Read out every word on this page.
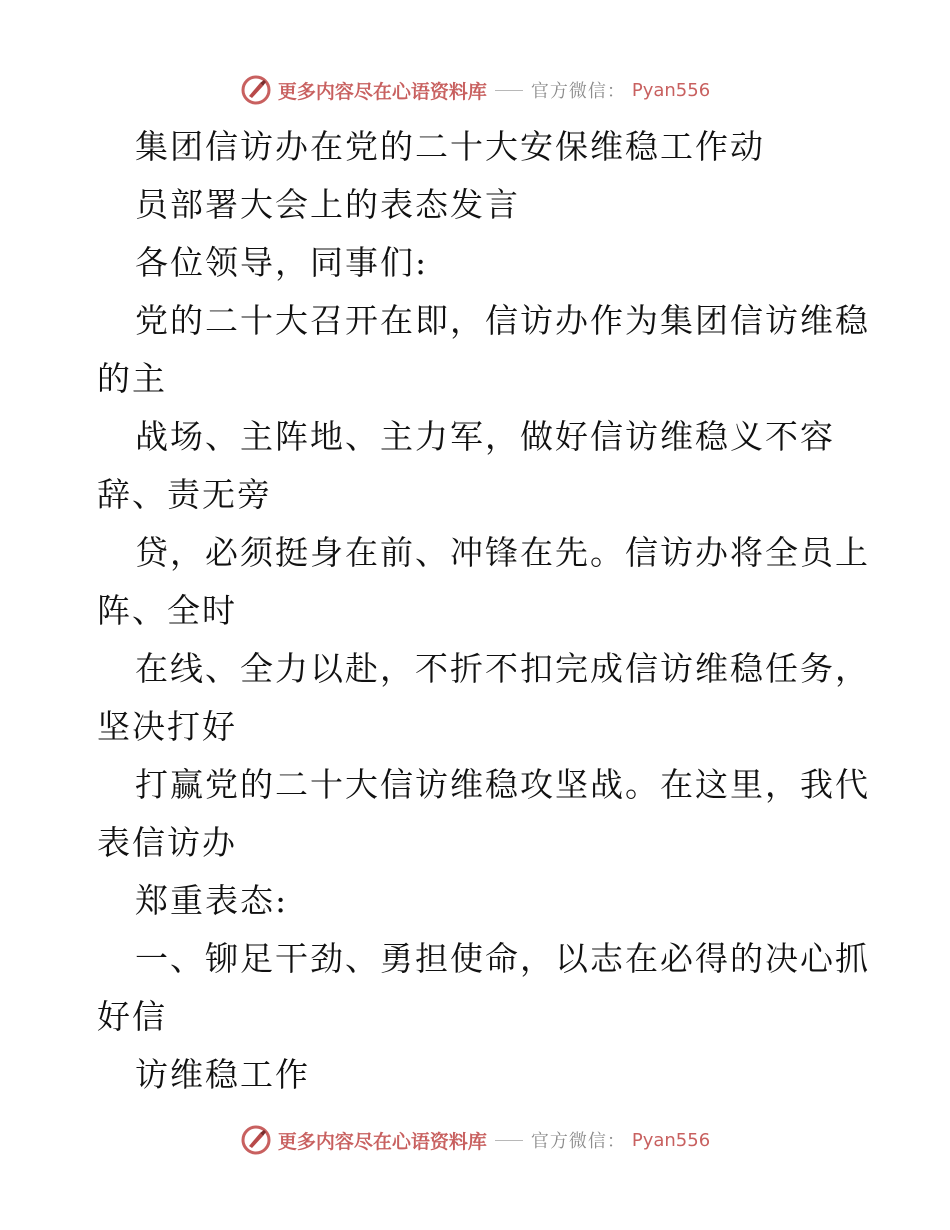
更多内容尽在心语资料库 官方微信： Pyan556
集团信访办在党的二十大安保维稳工作动
员部署大会上的表态发言
各位领导，同事们:
党的二十大召开在即，信访办作为集团信访维稳
的主
战场、主阵地、主力军，做好信访维稳义不容
辞、责无旁
贷，必须挺身在前、冲锋在先。信访办将全员上
阵、全时
在线、全力以赴，不折不扣完成信访维稳任务，
坚决打好
打赢党的二十大信访维稳攻坚战。在这里，我代
表信访办
郑重表态:
一、铆足干劲、勇担使命，以志在必得的决心抓
好信
访维稳工作
更多内容尽在心语资料库 官方微信： Pyan556
